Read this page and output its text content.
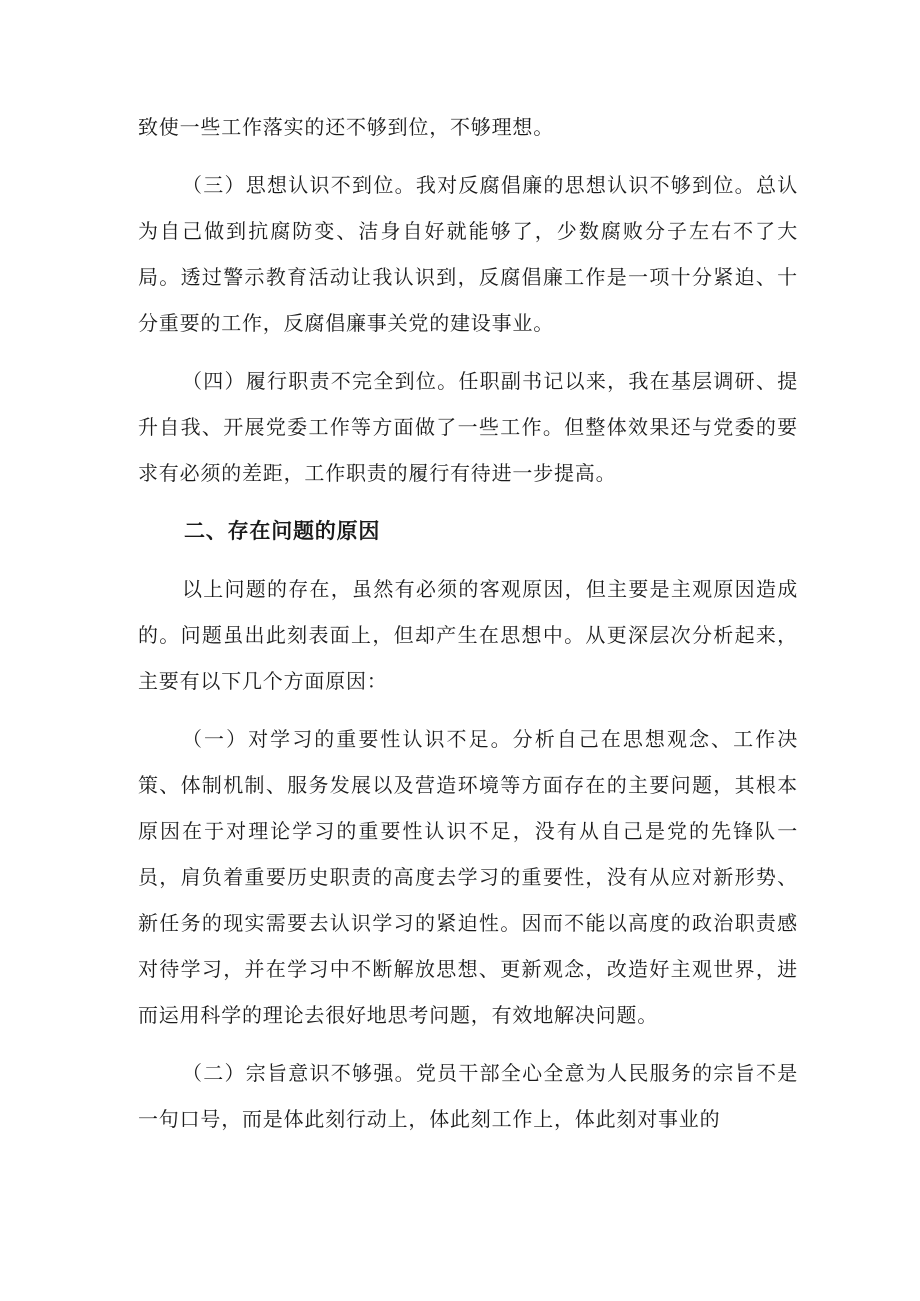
致使一些工作落实的还不够到位，不够理想。

（三）思想认识不到位。我对反腐倡廉的思想认识不够到位。总认为自己做到抗腐防变、洁身自好就能够了，少数腐败分子左右不了大局。透过警示教育活动让我认识到，反腐倡廉工作是一项十分紧迫、十分重要的工作，反腐倡廉事关党的建设事业。

（四）履行职责不完全到位。任职副书记以来，我在基层调研、提升自我、开展党委工作等方面做了一些工作。但整体效果还与党委的要求有必须的差距，工作职责的履行有待进一步提高。

二、存在问题的原因

以上问题的存在，虽然有必须的客观原因，但主要是主观原因造成的。问题虽出此刻表面上，但却产生在思想中。从更深层次分析起来，主要有以下几个方面原因：

（一）对学习的重要性认识不足。分析自己在思想观念、工作决策、体制机制、服务发展以及营造环境等方面存在的主要问题，其根本原因在于对理论学习的重要性认识不足，没有从自己是党的先锋队一员，肩负着重要历史职责的高度去学习的重要性，没有从应对新形势、新任务的现实需要去认识学习的紧迫性。因而不能以高度的政治职责感对待学习，并在学习中不断解放思想、更新观念，改造好主观世界，进而运用科学的理论去很好地思考问题，有效地解决问题。

（二）宗旨意识不够强。党员干部全心全意为人民服务的宗旨不是一句口号，而是体此刻行动上，体此刻工作上，体此刻对事业的
